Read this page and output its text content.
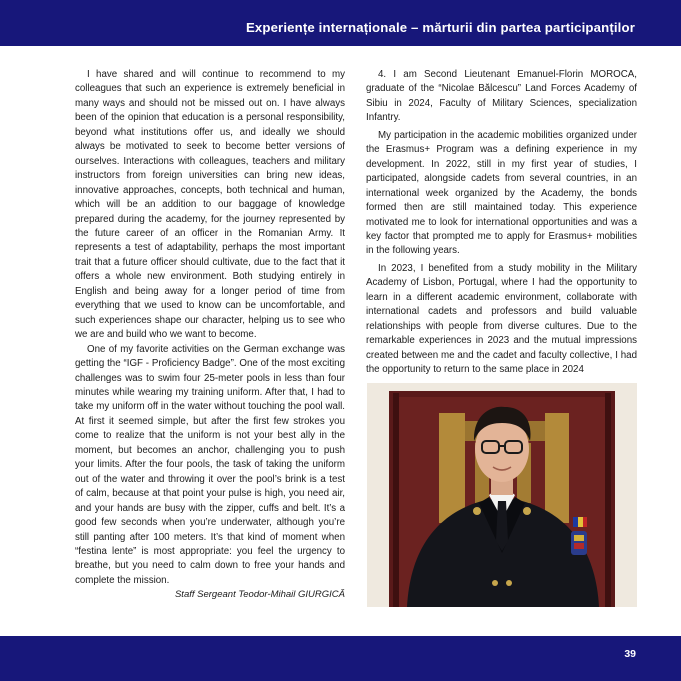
Experiențe internaționale – mărturii din partea participanților

I have shared and will continue to recommend to my colleagues that such an experience is extremely beneficial in many ways and should not be missed out on. I have always been of the opinion that education is a personal responsibility, beyond what institutions offer us, and ideally we should always be motivated to seek to become better versions of ourselves. Interactions with colleagues, teachers and military instructors from foreign universities can bring new ideas, innovative approaches, concepts, both technical and human, which will be an addition to our baggage of knowledge prepared during the academy, for the journey represented by the future career of an officer in the Romanian Army. It represents a test of adaptability, perhaps the most important trait that a future officer should cultivate, due to the fact that it offers a whole new environment. Both studying entirely in English and being away for a longer period of time from everything that we used to know can be uncomfortable, and such experiences shape our character, helping us to see who we are and build who we want to become.

One of my favorite activities on the German exchange was getting the “IGF - Proficiency Badge”. One of the most exciting challenges was to swim four 25-meter pools in less than four minutes while wearing my training uniform. After that, I had to take my uniform off in the water without touching the pool wall. At first it seemed simple, but after the first few strokes you come to realize that the uniform is not your best ally in the moment, but becomes an anchor, challenging you to push your limits. After the four pools, the task of taking the uniform out of the water and throwing it over the pool’s brink is a test of calm, because at that point your pulse is high, you need air, and your hands are busy with the zipper, cuffs and belt. It’s a good few seconds when you’re underwater, although you’re still panting after 100 meters. It’s that kind of moment when “festina lente” is most appropriate: you feel the urgency to breathe, but you need to calm down to free your hands and complete the mission.

Staff Sergeant Teodor-Mihail GIURGICĂ

4. I am Second Lieutenant Emanuel-Florin MOROCA, graduate of the “Nicolae Bălcescu” Land Forces Academy of Sibiu in 2024, Faculty of Military Sciences, specialization Infantry.

My participation in the academic mobilities organized under the Erasmus+ Program was a defining experience in my development. In 2022, still in my first year of studies, I participated, alongside cadets from several countries, in an international week organized by the Academy, the bonds formed then are still maintained today. This experience motivated me to look for international opportunities and was a key factor that prompted me to apply for Erasmus+ mobilities in the following years.

In 2023, I benefited from a study mobility in the Military Academy of Lisbon, Portugal, where I had the opportunity to learn in a different academic environment, collaborate with international cadets and professors and build valuable relationships with people from diverse cultures. Due to the remarkable experiences in 2023 and the mutual impressions created between me and the cadet and faculty collective, I had the opportunity to return to the same place in 2024

39
